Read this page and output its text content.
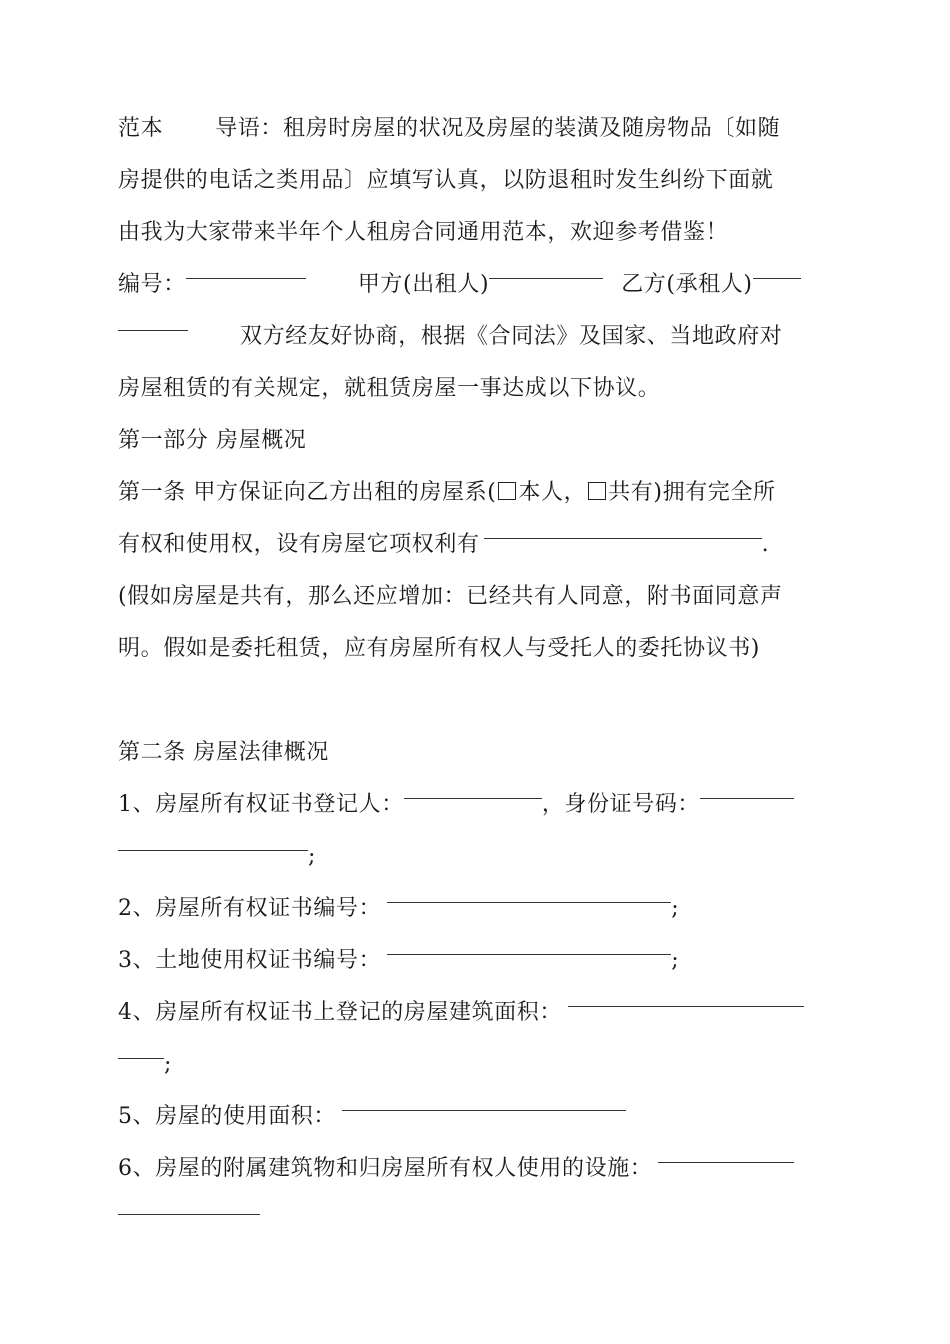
范本 导语：租房时房屋的状况及房屋的装潢及随房物品〔如随
房提供的电话之类用品〕应填写认真，以防退租时发生纠纷下面就
由我为大家带来半年个人租房合同通用范本，欢迎参考借鉴！
编号：	甲方(出租人)	乙方(承租人)
双方经友好协商，根据《合同法》及国家、当地政府对
房屋租赁的有关规定，就租赁房屋一事达成以下协议。
第一部分 房屋概况
第一条 甲方保证向乙方出租的房屋系( 本人， 共有)拥有完全所
有权和使用权，设有房屋它项权利有	.
(假如房屋是共有，那么还应增加：已经共有人同意，附书面同意声
明。假如是委托租赁，应有房屋所有权人与受托人的委托协议书)
第二条 房屋法律概况
1、房屋所有权证书登记人：	，身份证号码：
;
2、房屋所有权证书编号：	;
3、土地使用权证书编号：	;
4、房屋所有权证书上登记的房屋建筑面积：
;
5、房屋的使用面积：
6、房屋的附属建筑物和归房屋所有权人使用的设施：
